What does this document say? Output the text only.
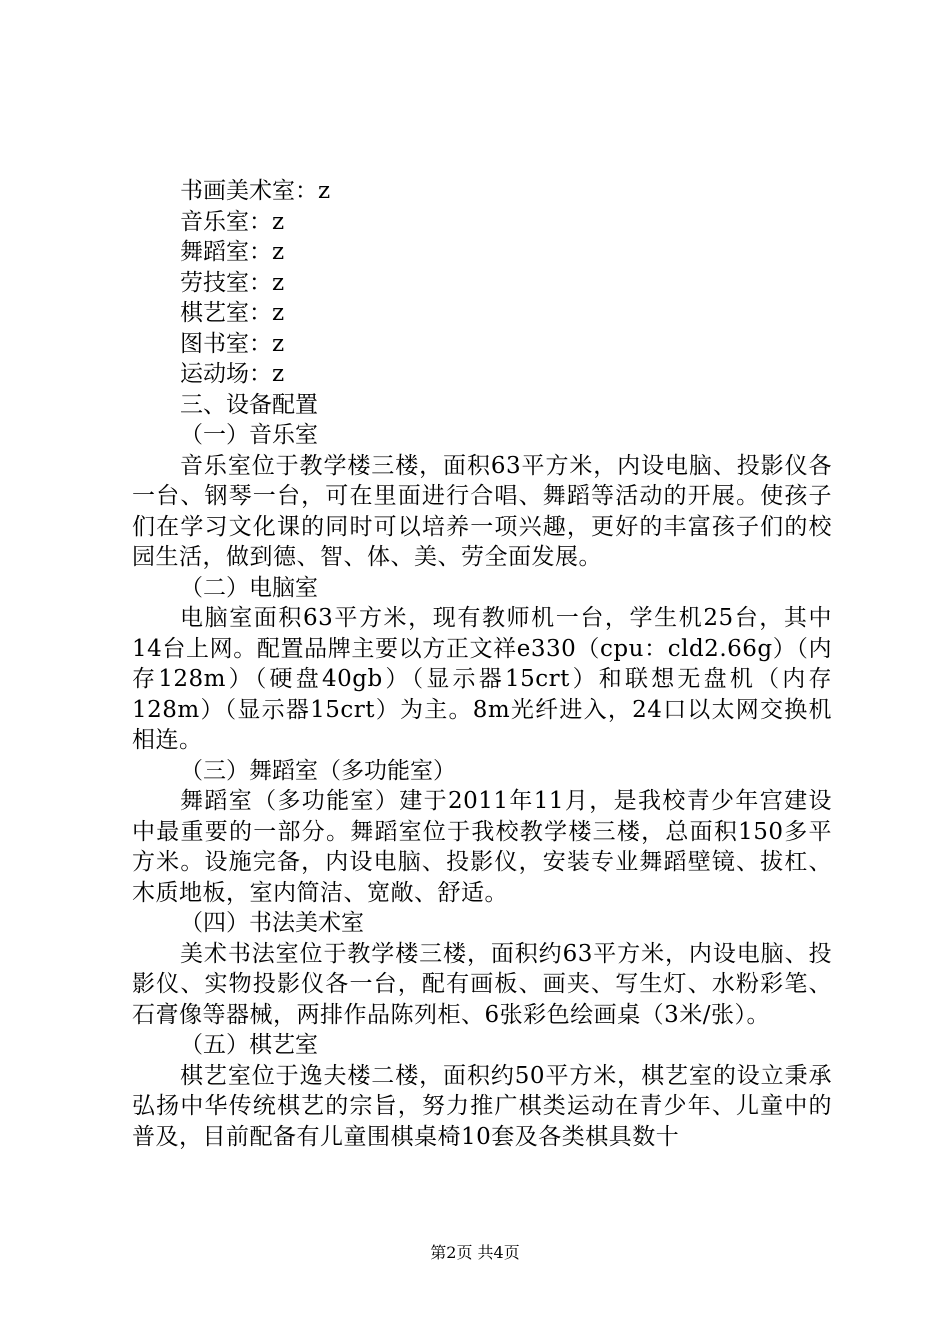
书画美术室：z
音乐室：z
舞蹈室：z
劳技室：z
棋艺室：z
图书室：z
运动场：z
三、设备配置
（一）音乐室

音乐室位于教学楼三楼，面积63平方米，内设电脑、投影仪各一台、钢琴一台，可在里面进行合唱、舞蹈等活动的开展。使孩子们在学习文化课的同时可以培养一项兴趣，更好的丰富孩子们的校园生活，做到德、智、体、美、劳全面发展。

（二）电脑室

电脑室面积63平方米，现有教师机一台，学生机25台，其中14台上网。配置品牌主要以方正文祥e330（cpu：cld2.66g）（内存128m）（硬盘40gb）（显示器15crt）和联想无盘机（内存128m）（显示器15crt）为主。8m光纤进入，24口以太网交换机相连。

（三）舞蹈室（多功能室）

舞蹈室（多功能室）建于2011年11月，是我校青少年宫建设中最重要的一部分。舞蹈室位于我校教学楼三楼，总面积150多平方米。设施完备，内设电脑、投影仪，安装专业舞蹈壁镜、拔杠、木质地板，室内简洁、宽敞、舒适。

（四）书法美术室

美术书法室位于教学楼三楼，面积约63平方米，内设电脑、投影仪、实物投影仪各一台，配有画板、画夹、写生灯、水粉彩笔、石膏像等器械，两排作品陈列柜、6张彩色绘画桌（3米/张）。

（五）棋艺室

棋艺室位于逸夫楼二楼，面积约50平方米，棋艺室的设立秉承弘扬中华传统棋艺的宗旨，努力推广棋类运动在青少年、儿童中的普及，目前配备有儿童围棋桌椅10套及各类棋具数十

第2页 共4页
